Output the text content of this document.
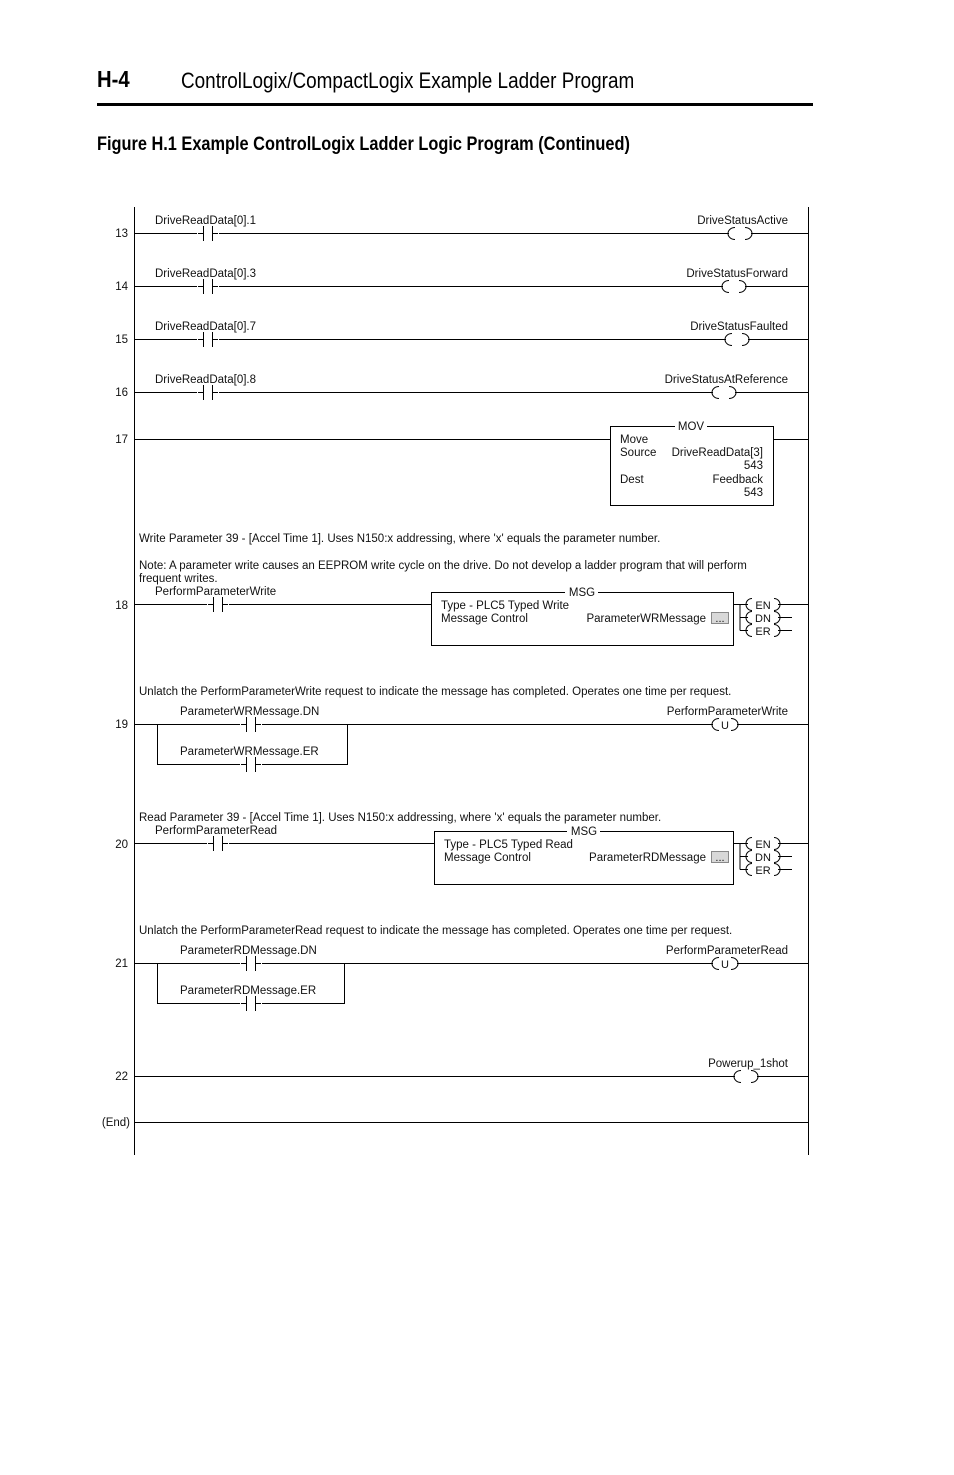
H-4 ControlLogix/CompactLogix Example Ladder Program
Figure H.1 Example ControlLogix Ladder Logic Program (Continued)
13
DriveReadData[0].1	DriveStatusActive
14
DriveReadData[0].3	DriveStatusForward
15
DriveReadData[0].7	DriveStatusFaulted
16
DriveReadData[0].8	DriveStatusAtReference
17
MOV
Move
Source DriveReadData[3]
543
Dest	Feedback
543
Write Parameter 39 - [Accel Time 1]. Uses N150:x addressing, where 'x' equals the parameter number.
Note: A parameter write causes an EEPROM write cycle on the drive. Do not develop a ladder program that will perform
frequent writes.
PerformParameterWrite
18
MSG
Type - PLC5 Typed Write
Message Control	ParameterWRMessage ...
EN
DN
ER
Unlatch the PerformParameterWrite request to indicate the message has completed. Operates one time per request.
ParameterWRMessage.DN	PerformParameterWrite
19	U
ParameterWRMessage.ER
Read Parameter 39 - [Accel Time 1]. Uses N150:x addressing, where 'x' equals the parameter number.
PerformParameterRead
20
MSG
Type - PLC5 Typed Read
Message Control	ParameterRDMessage ...
EN
DN
ER
Unlatch the PerformParameterRead request to indicate the message has completed. Operates one time per request.
ParameterRDMessage.DN	PerformParameterRead
21	U
ParameterRDMessage.ER
Powerup_1shot
22
(End)
